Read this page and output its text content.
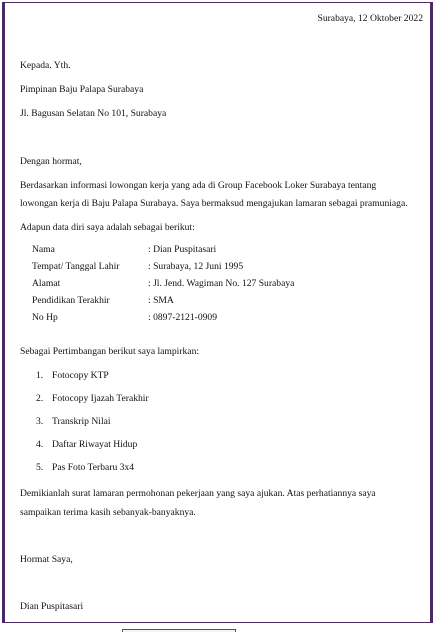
Surabaya, 12 Oktober 2022
Kepada. Yth.
Pimpinan Baju Palapa Surabaya
Jl. Bagusan Selatan No 101, Surabaya
Dengan hormat,
Berdasarkan informasi lowongan kerja yang ada di Group Facebook Loker Surabaya tentang
lowongan kerja di Baju Palapa Surabaya. Saya bermaksud mengajukan lamaran sebagai pramuniaga.
Adapun data diri saya adalah sebagai berikut:
Nama	: Dian Puspitasari
Tempat/ Tanggal Lahir	: Surabaya, 12 Juni 1995
Alamat	: Jl. Jend. Wagiman No. 127 Surabaya
Pendidikan Terakhir	: SMA
No Hp	: 0897-2121-0909
Sebagai Pertimbangan berikut saya lampirkan:
1. Fotocopy KTP
2. Fotocopy Ijazah Terakhir
3. Transkrip Nilai
4. Daftar Riwayat Hidup
5. Pas Foto Terbaru 3x4
Demikianlah surat lamaran permohonan pekerjaan yang saya ajukan. Atas perhatiannya saya
sampaikan terima kasih sebanyak-banyaknya.
Hormat Saya,
Dian Puspitasari
